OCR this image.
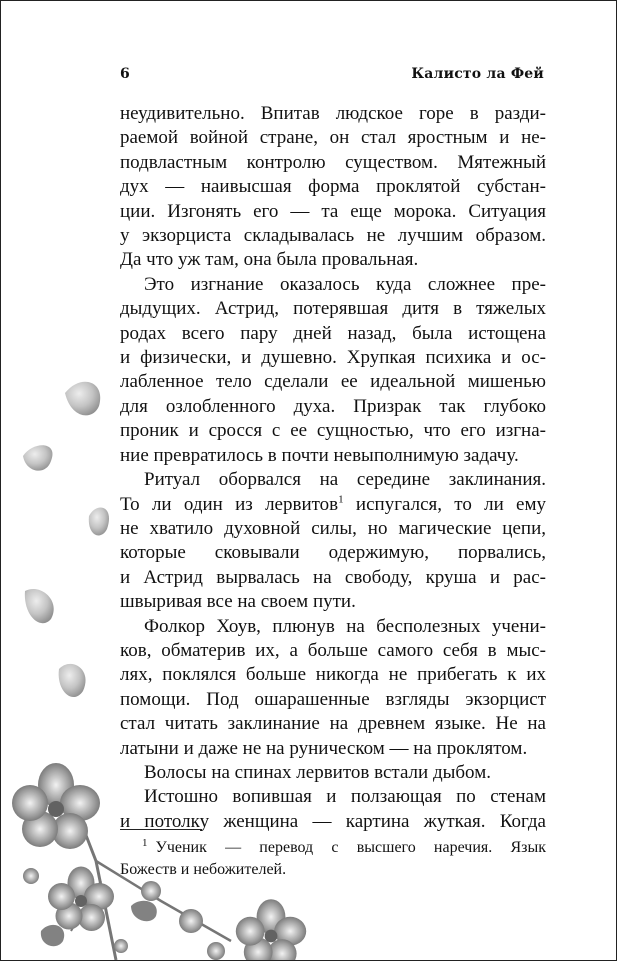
6	Калисто ла Фей

неудивительно. Впитав людское горе в разди-
раемой войной стране, он стал яростным и не-
подвластным контролю существом. Мятежный
дух — наивысшая форма проклятой субстан-
ции. Изгонять его — та еще морока. Ситуация
у экзорциста складывалась не лучшим образом.
Да что уж там, она была провальная.

Это изгнание оказалось куда сложнее пре-
дыдущих. Астрид, потерявшая дитя в тяжелых
родах всего пару дней назад, была истощена
и физически, и душевно. Хрупкая психика и ос-
лабленное тело сделали ее идеальной мишенью
для озлобленного духа. Призрак так глубоко
проник и сросся с ее сущностью, что его изгна-
ние превратилось в почти невыполнимую задачу.

Ритуал оборвался на середине заклинания.
То ли один из лервитов$^1$ испугался, то ли ему
не хватило духовной силы, но магические цепи,
которые сковывали одержимую, порвались,
и Астрид вырвалась на свободу, круша и рас-
швыривая все на своем пути.

Фолкор Хоув, плюнув на бесполезных учени-
ков, обматерив их, а больше самого себя в мыс-
лях, поклялся больше никогда не прибегать к их
помощи. Под ошарашенные взгляды экзорцист
стал читать заклинание на древнем языке. Не на
латыни и даже не на руническом — на проклятом.

Волосы на спинах лервитов встали дыбом.

Истошно вопившая и ползающая по стенам
и потолку женщина — картина жуткая. Когда

$^1$ Ученик — перевод с высшего наречия. Язык
Божеств и небожителей.
